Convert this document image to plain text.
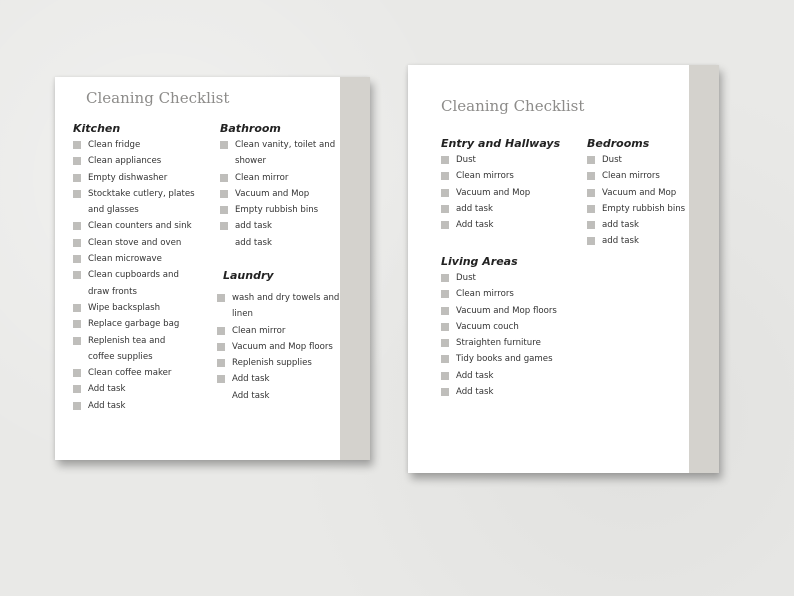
Cleaning Checklist
Kitchen
Clean fridge
Clean appliances
Empty dishwasher
Stocktake cutlery, plates
and glasses
Clean counters and sink
Clean stove and oven
Clean microwave
Clean cupboards and
draw fronts
Wipe backsplash
Replace garbage bag
Replenish tea and
coffee supplies
Clean coffee maker
Add task
Add task
Bathroom
Clean vanity, toilet and
shower
Clean mirror
Vacuum and Mop
Empty rubbish bins
add task
add task
Laundry
wash and dry towels and
linen
Clean mirror
Vacuum and Mop floors
Replenish supplies
Add task
Add task
Cleaning Checklist
Entry and Hallways
Dust
Clean mirrors
Vacuum and Mop
add task
Add task
Bedrooms
Dust
Clean mirrors
Vacuum and Mop
Empty rubbish bins
add task
add task
Living Areas
Dust
Clean mirrors
Vacuum and Mop floors
Vacuum couch
Straighten furniture
Tidy books and games
Add task
Add task
